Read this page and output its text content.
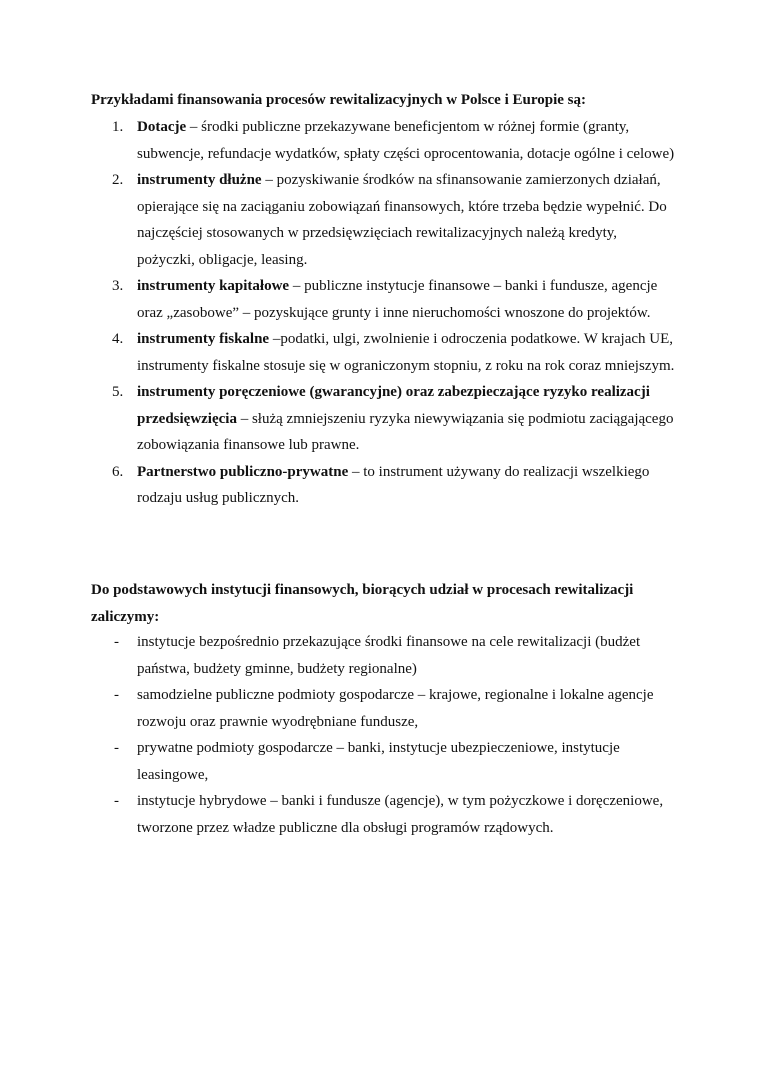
Przykładami finansowania procesów rewitalizacyjnych w Polsce i Europie są:

1. Dotacje – środki publiczne przekazywane beneficjentom w różnej formie (granty, subwencje, refundacje wydatków, spłaty części oprocentowania, dotacje ogólne i celowe)
2. instrumenty dłużne – pozyskiwanie środków na sfinansowanie zamierzonych działań, opierające się na zaciąganiu zobowiązań finansowych, które trzeba będzie wypełnić. Do najczęściej stosowanych w przedsięwzięciach rewitalizacyjnych należą kredyty, pożyczki, obligacje, leasing.
3. instrumenty kapitałowe – publiczne instytucje finansowe – banki i fundusze, agencje oraz „zasobowe” – pozyskujące grunty i inne nieruchomości wnoszone do projektów.
4. instrumenty fiskalne –podatki, ulgi, zwolnienie i odroczenia podatkowe. W krajach UE, instrumenty fiskalne stosuje się w ograniczonym stopniu, z roku na rok coraz mniejszym.
5. instrumenty poręczeniowe (gwarancyjne) oraz zabezpieczające ryzyko realizacji przedsięwzięcia – służą zmniejszeniu ryzyka niewywiązania się podmiotu zaciągającego zobowiązania finansowe lub prawne.
6. Partnerstwo publiczno-prywatne – to instrument używany do realizacji wszelkiego rodzaju usług publicznych.

Do podstawowych instytucji finansowych, biorących udział w procesach rewitalizacji zaliczymy:

- instytucje bezpośrednio przekazujące środki finansowe na cele rewitalizacji (budżet państwa, budżety gminne, budżety regionalne)
- samodzielne publiczne podmioty gospodarcze – krajowe, regionalne i lokalne agencje rozwoju oraz prawnie wyodrębniane fundusze,
- prywatne podmioty gospodarcze – banki, instytucje ubezpieczeniowe, instytucje leasingowe,
- instytucje hybrydowe – banki i fundusze (agencje), w tym pożyczkowe i doręczeniowe, tworzone przez władze publiczne dla obsługi programów rządowych.
